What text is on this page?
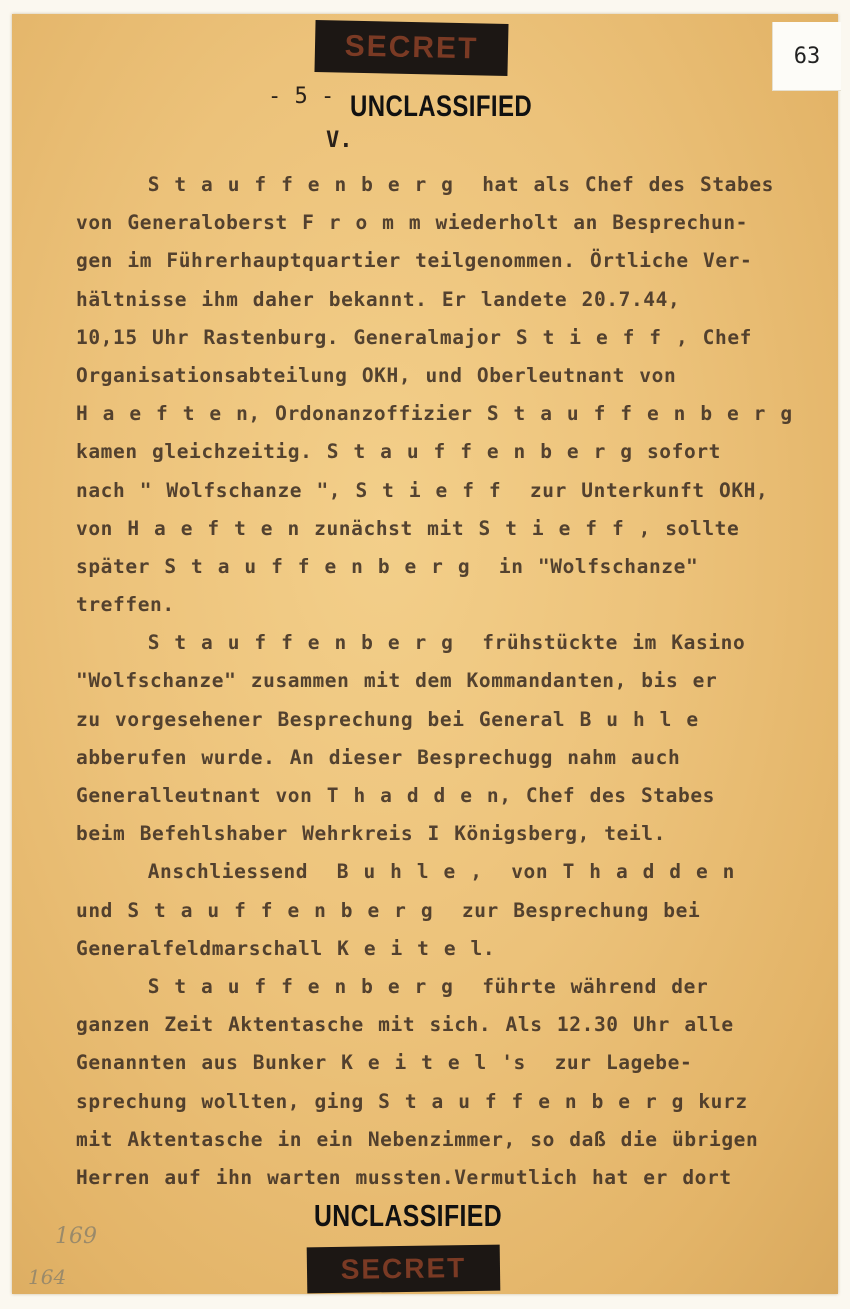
SECRET	63
- 5 - UNCLASSIFIED
V.
S t a u f f e n b e r g  hat als Chef des Stabes
von Generaloberst F r o m m wiederholt an Besprechun-
gen im Führerhauptquartier teilgenommen. Örtliche Ver-
hältnisse ihm daher bekannt. Er landete 20.7.44,
10,15 Uhr Rastenburg. Generalmajor S t i e f f , Chef
Organisationsabteilung OKH, und Oberleutnant von
H a e f t e n, Ordonanzoffizier S t a u f f e n b e r g
kamen gleichzeitig. S t a u f f e n b e r g sofort
nach " Wolfschanze ", S t i e f f  zur Unterkunft OKH,
von H a e f t e n zunächst mit S t i e f f , sollte
später S t a u f f e n b e r g  in "Wolfschanze"
treffen.
S t a u f f e n b e r g  frühstückte im Kasino
"Wolfschanze" zusammen mit dem Kommandanten, bis er
zu vorgesehener Besprechung bei General B u h l e
abberufen wurde. An dieser Besprechugg nahm auch
Generalleutnant von T h a d d e n, Chef des Stabes
beim Befehlshaber Wehrkreis I Königsberg, teil.
Anschliessend  B u h l e ,  von T h a d d e n
und S t a u f f e n b e r g  zur Besprechung bei
Generalfeldmarschall K e i t e l.
S t a u f f e n b e r g  führte während der
ganzen Zeit Aktentasche mit sich. Als 12.30 Uhr alle
Genannten aus Bunker K e i t e l 's  zur Lagebe-
sprechung wollten, ging S t a u f f e n b e r g kurz
mit Aktentasche in ein Nebenzimmer, so daß die übrigen
Herren auf ihn warten mussten.Vermutlich hat er dort
UNCLASSIFIED
SECRET
169
164
